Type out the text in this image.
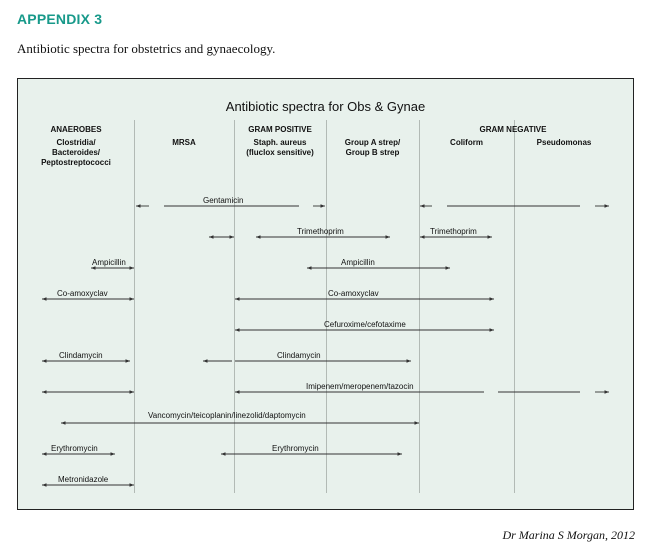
APPENDIX 3
Antibiotic spectra for obstetrics and gynaecology.
Antibiotic spectra for Obs & Gynae
ANAEROBES
Clostridia/
Bacteroides/
Peptostreptococci
MRSA
GRAM POSITIVE
Staph. aureus
(fluclox sensitive)
Group A strep/
Group B strep
GRAM NEGATIVE
Coliform	Pseudomonas
Gentamicin
Trimethoprim	Trimethoprim
Ampicillin	Ampicillin
Co-amoxyclav	Co-amoxyclav
Cefuroxime/cefotaxime
Clindamycin	Clindamycin
Imipenem/meropenem/tazocin
Vancomycin/teicoplanin/linezolid/daptomycin
Erythromycin	Erythromycin
Metronidazole
Dr Marina S Morgan, 2012
